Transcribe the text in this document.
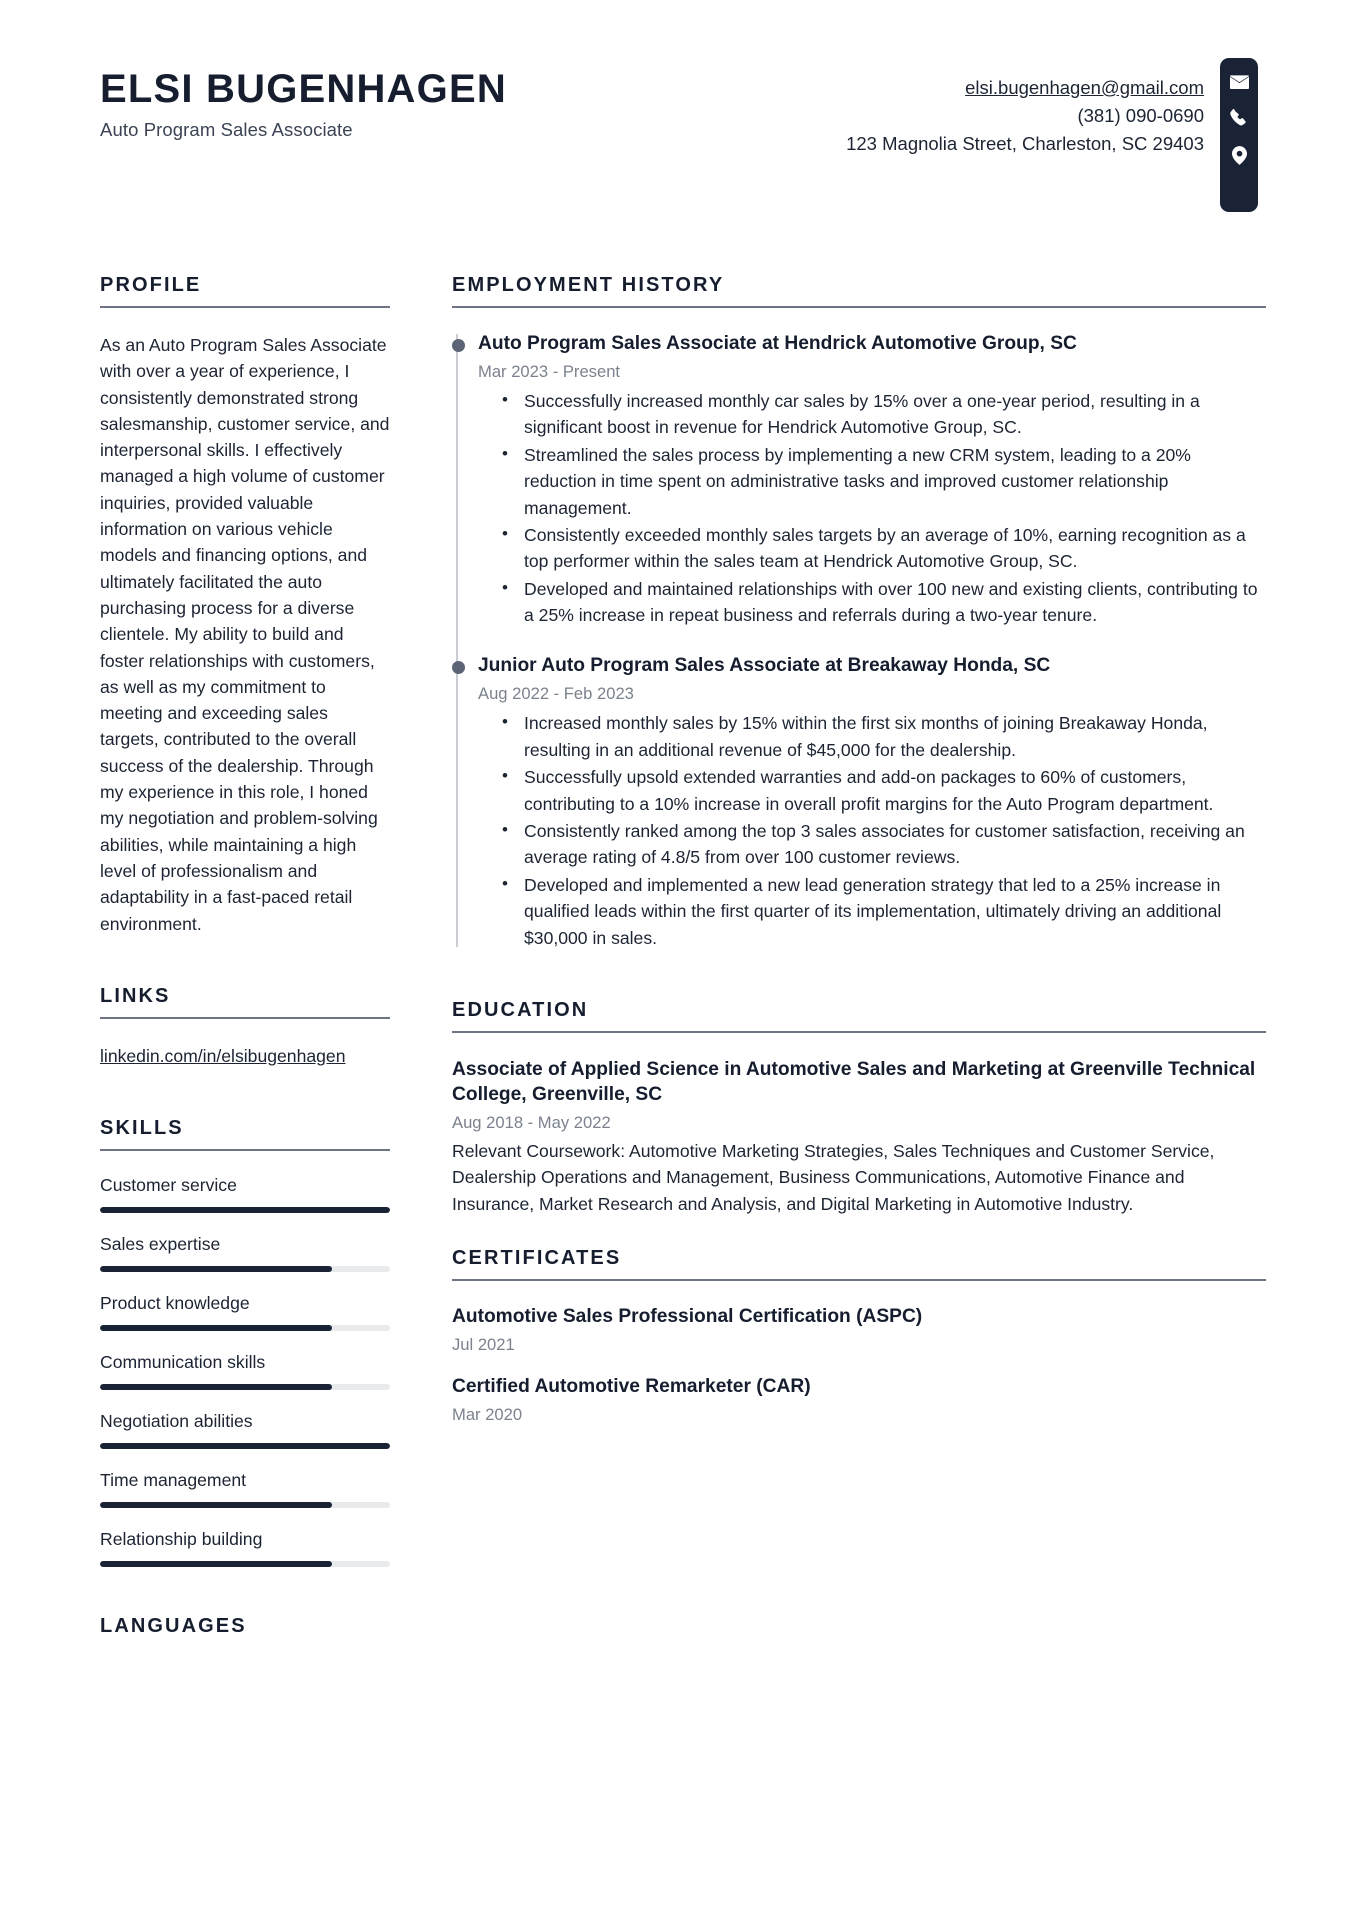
ELSI BUGENHAGEN
Auto Program Sales Associate
elsi.bugenhagen@gmail.com
(381) 090-0690
123 Magnolia Street, Charleston, SC 29403
PROFILE
As an Auto Program Sales Associate with over a year of experience, I consistently demonstrated strong salesmanship, customer service, and interpersonal skills. I effectively managed a high volume of customer inquiries, provided valuable information on various vehicle models and financing options, and ultimately facilitated the auto purchasing process for a diverse clientele. My ability to build and foster relationships with customers, as well as my commitment to meeting and exceeding sales targets, contributed to the overall success of the dealership. Through my experience in this role, I honed my negotiation and problem-solving abilities, while maintaining a high level of professionalism and adaptability in a fast-paced retail environment.
LINKS
linkedin.com/in/elsibugenhagen
SKILLS
Customer service
Sales expertise
Product knowledge
Communication skills
Negotiation abilities
Time management
Relationship building
LANGUAGES
EMPLOYMENT HISTORY
Auto Program Sales Associate at Hendrick Automotive Group, SC
Mar 2023 - Present
• Successfully increased monthly car sales by 15% over a one-year period, resulting in a significant boost in revenue for Hendrick Automotive Group, SC.
• Streamlined the sales process by implementing a new CRM system, leading to a 20% reduction in time spent on administrative tasks and improved customer relationship management.
• Consistently exceeded monthly sales targets by an average of 10%, earning recognition as a top performer within the sales team at Hendrick Automotive Group, SC.
• Developed and maintained relationships with over 100 new and existing clients, contributing to a 25% increase in repeat business and referrals during a two-year tenure.
Junior Auto Program Sales Associate at Breakaway Honda, SC
Aug 2022 - Feb 2023
• Increased monthly sales by 15% within the first six months of joining Breakaway Honda, resulting in an additional revenue of $45,000 for the dealership.
• Successfully upsold extended warranties and add-on packages to 60% of customers, contributing to a 10% increase in overall profit margins for the Auto Program department.
• Consistently ranked among the top 3 sales associates for customer satisfaction, receiving an average rating of 4.8/5 from over 100 customer reviews.
• Developed and implemented a new lead generation strategy that led to a 25% increase in qualified leads within the first quarter of its implementation, ultimately driving an additional $30,000 in sales.
EDUCATION
Associate of Applied Science in Automotive Sales and Marketing at Greenville Technical College, Greenville, SC
Aug 2018 - May 2022
Relevant Coursework: Automotive Marketing Strategies, Sales Techniques and Customer Service, Dealership Operations and Management, Business Communications, Automotive Finance and Insurance, Market Research and Analysis, and Digital Marketing in Automotive Industry.
CERTIFICATES
Automotive Sales Professional Certification (ASPC)
Jul 2021
Certified Automotive Remarketer (CAR)
Mar 2020
